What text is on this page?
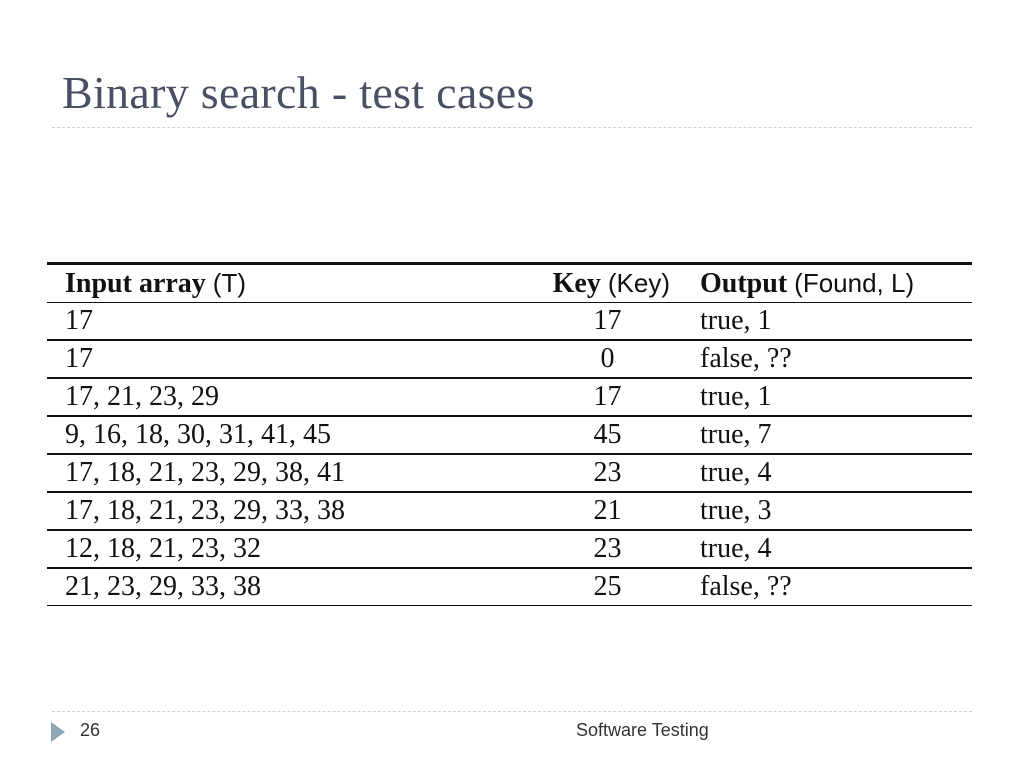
Binary search - test cases
Input array (T)	Key (Key)	Output (Found, L)
17	17	true, 1
17	0	false, ??
17, 21, 23, 29	17	true, 1
9, 16, 18, 30, 31, 41, 45	45	true, 7
17, 18, 21, 23, 29, 38, 41	23	true, 4
17, 18, 21, 23, 29, 33, 38	21	true, 3
12, 18, 21, 23, 32	23	true, 4
21, 23, 29, 33, 38	25	false, ??
26	Software Testing
